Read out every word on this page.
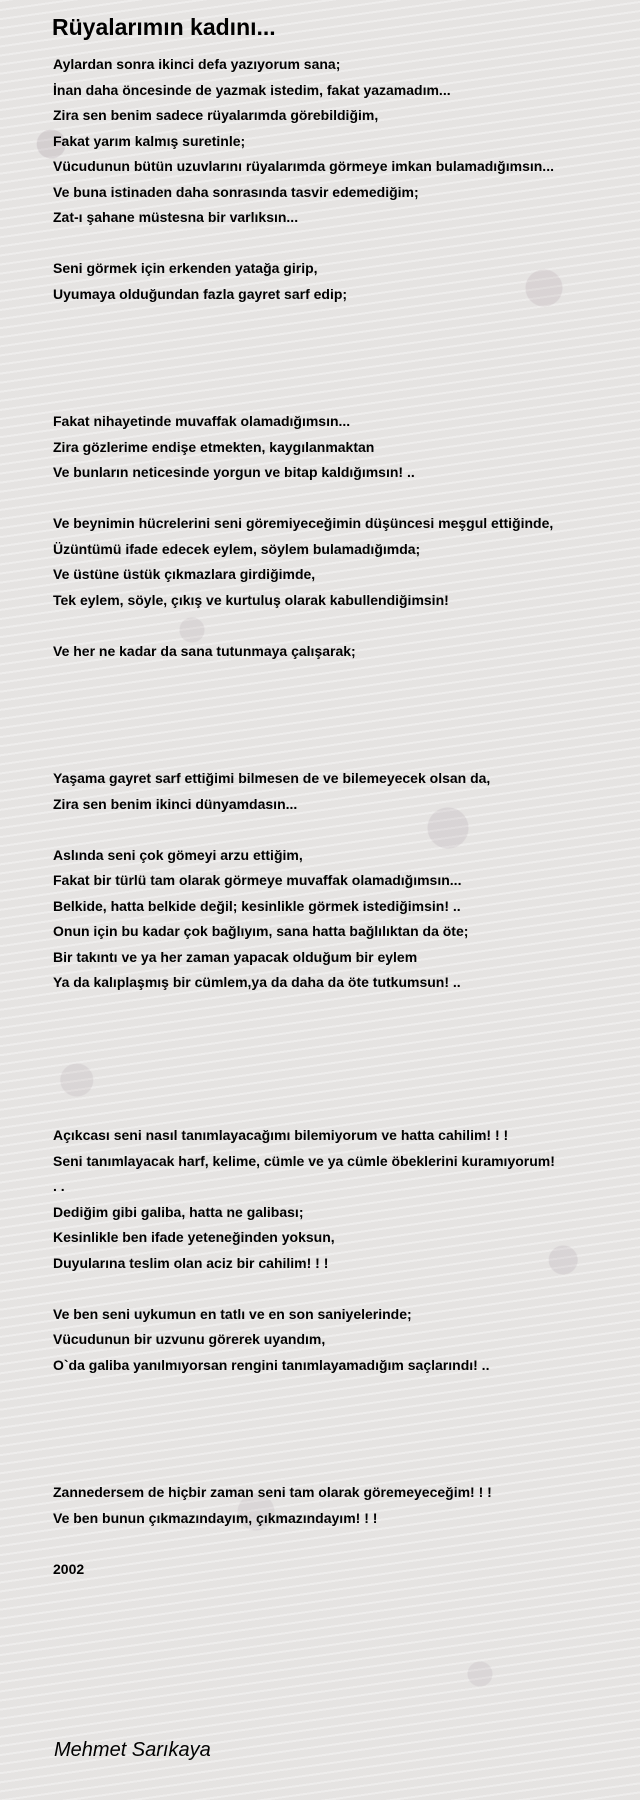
Rüyalarımın kadını...
Aylardan sonra ikinci defa yazıyorum sana;
İnan daha öncesinde de yazmak istedim, fakat yazamadım...
Zira sen benim sadece rüyalarımda görebildiğim,
Fakat yarım kalmış suretinle;
Vücudunun bütün uzuvlarını rüyalarımda görmeye imkan bulamadığımsın...
Ve buna istinaden daha sonrasında tasvir edemediğim;
Zat-ı şahane müstesna bir varlıksın...
Seni görmek için erkenden yatağa girip,
Uyumaya olduğundan fazla gayret sarf edip;
Fakat nihayetinde muvaffak olamadığımsın...
Zira gözlerime endişe etmekten, kaygılanmaktan
Ve bunların neticesinde yorgun ve bitap kaldığımsın! ..
Ve beynimin hücrelerini seni göremiyeceğimin düşüncesi meşgul ettiğinde,
Üzüntümü ifade edecek eylem, söylem bulamadığımda;
Ve üstüne üstük çıkmazlara girdiğimde,
Tek eylem, söyle, çıkış ve kurtuluş olarak kabullendiğimsin!
Ve her ne kadar da sana tutunmaya çalışarak;
Yaşama gayret sarf ettiğimi bilmesen de ve bilemeyecek olsan da,
Zira sen benim ikinci dünyamdasın...
Aslında seni çok gömeyi arzu ettiğim,
Fakat bir türlü tam olarak görmeye muvaffak olamadığımsın...
Belkide, hatta belkide değil; kesinlikle görmek istediğimsin! ..
Onun için bu kadar çok bağlıyım, sana hatta bağlılıktan da öte;
Bir takıntı ve ya her zaman yapacak olduğum bir eylem
Ya da kalıplaşmış bir cümlem,ya da daha da öte tutkumsun! ..
Açıkcası seni nasıl tanımlayacağımı bilemiyorum ve hatta cahilim! ! !
Seni tanımlayacak harf, kelime, cümle ve ya cümle öbeklerini kuramıyorum!
. .
Dediğim gibi galiba, hatta ne galibası;
Kesinlikle ben ifade yeteneğinden yoksun,
Duyularına teslim olan aciz bir cahilim! ! !
Ve ben seni uykumun en tatlı ve en son saniyelerinde;
Vücudunun bir uzvunu görerek uyandım,
O`da galiba yanılmıyorsan rengini tanımlayamadığım saçlarındı! ..
Zannedersem de hiçbir zaman seni tam olarak göremeyeceğim! ! !
Ve ben bunun çıkmazındayım, çıkmazındayım! ! !
2002
Mehmet Sarıkaya
